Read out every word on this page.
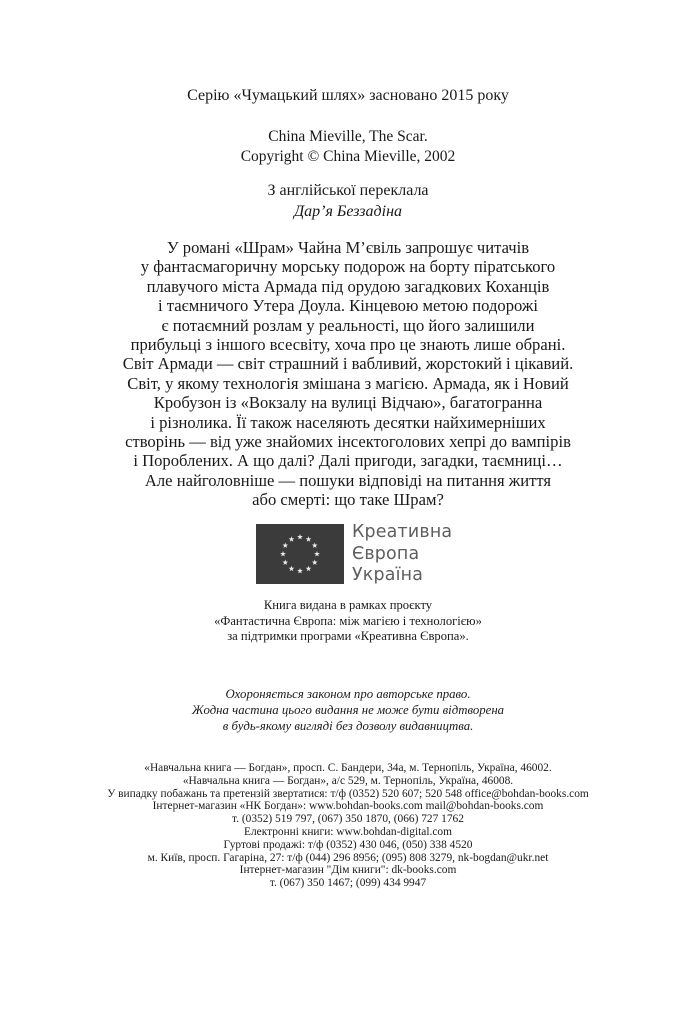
Серію «Чумацький шлях» засновано 2015 року
China Mieville, The Scar.
Copyright © China Mieville, 2002
З англійської переклала
Дар’я Беззадіна
У романі «Шрам» Чайна М’євіль запрошує читачів
у фантасмагоричну морську подорож на борту піратського
плавучого міста Армада під орудою загадкових Коханців
і таємничого Утера Доула. Кінцевою метою подорожі
є потаємний розлам у реальності, що його залишили
прибульці з іншого всесвіту, хоча про це знають лише обрані.
Світ Армади — світ страшний і вабливий, жорстокий і цікавий.
Світ, у якому технологія змішана з магією. Армада, як і Новий
Кробузон із «Вокзалу на вулиці Відчаю», багатогранна
і різнолика. Її також населяють десятки найхимерніших
створінь — від уже знайомих інсектоголових хепрі до вампірів
і Пороблених. А що далі? Далі пригоди, загадки, таємниці…
Але найголовніше — пошуки відповіді на питання життя
або смерті: що таке Шрам?
Креативна
Європа
Україна
Книга видана в рамках проєкту
«Фантастична Європа: між магією і технологією»
за підтримки програми «Креативна Європа».
Охороняється законом про авторське право.
Жодна частина цього видання не може бути відтворена
в будь-якому вигляді без дозволу видавництва.
«Навчальна книга — Богдан», просп. С. Бандери, 34а, м. Тернопіль, Україна, 46002.
«Навчальна книга — Богдан», а/с 529, м. Тернопіль, Україна, 46008.
У випадку побажань та претензій звертатися: т/ф (0352) 520 607; 520 548 office@bohdan-books.com
Інтернет-магазин «НК Богдан»: www.bohdan-books.com mail@bohdan-books.com
т. (0352) 519 797, (067) 350 1870, (066) 727 1762
Електронні книги: www.bohdan-digital.com
Гуртові продажі: т/ф (0352) 430 046, (050) 338 4520
м. Київ, просп. Гагаріна, 27: т/ф (044) 296 8956; (095) 808 3279, nk-bogdan@ukr.net
Інтернет-магазин "Дім книги": dk-books.com
т. (067) 350 1467; (099) 434 9947
